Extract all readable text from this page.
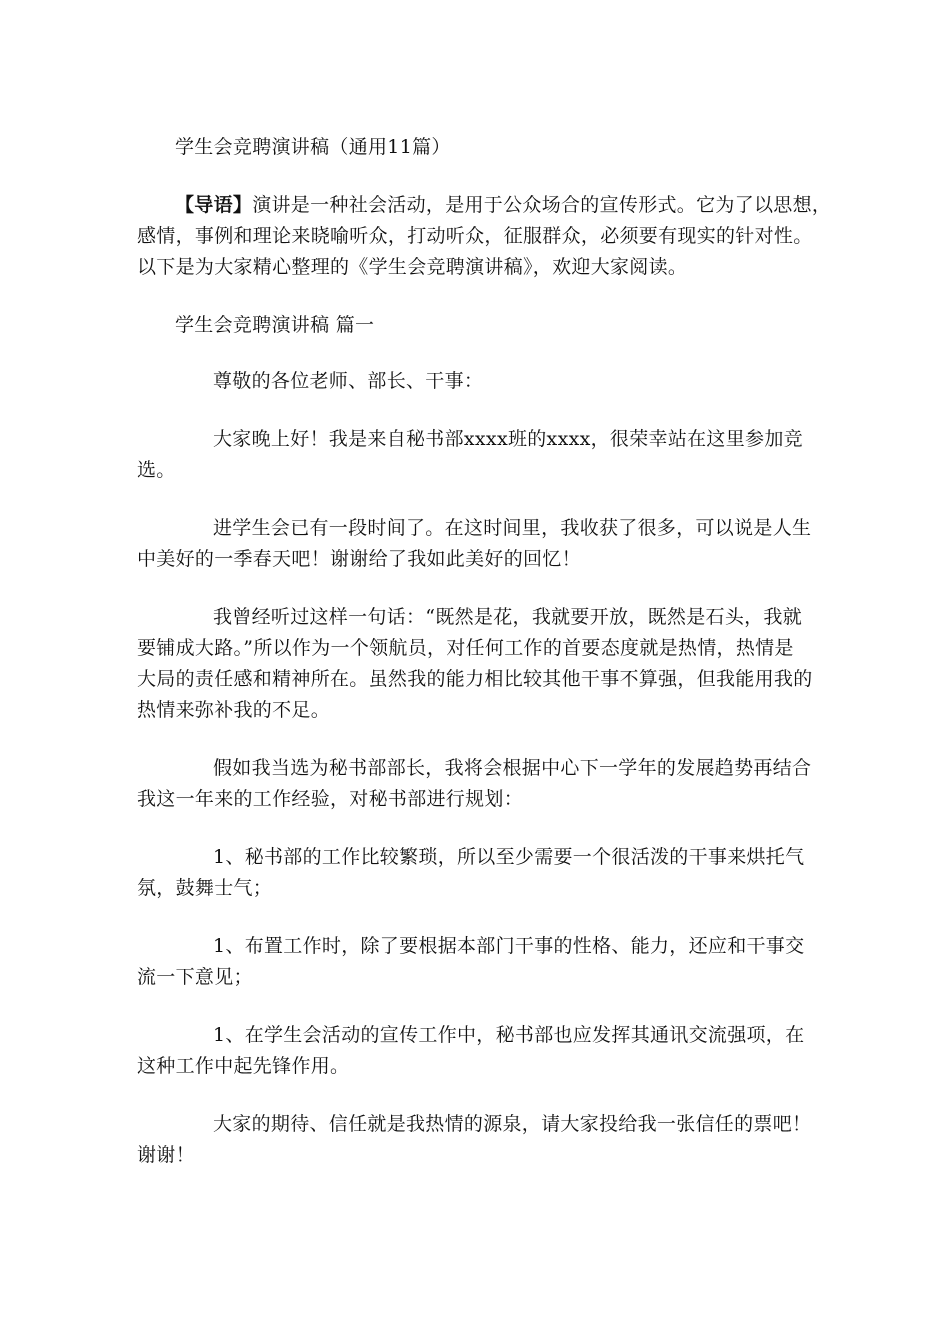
学生会竞聘演讲稿（通用11篇）
【导语】演讲是一种社会活动，是用于公众场合的宣传形式。它为了以思想，
感情，事例和理论来晓喻听众，打动听众，征服群众，必须要有现实的针对性。
以下是为大家精心整理的《学生会竞聘演讲稿》，欢迎大家阅读。
学生会竞聘演讲稿 篇一
尊敬的各位老师、部长、干事：
大家晚上好！我是来自秘书部xxxx班的xxxx，很荣幸站在这里参加竞
选。
进学生会已有一段时间了。在这时间里，我收获了很多，可以说是人生
中美好的一季春天吧！谢谢给了我如此美好的回忆！
我曾经听过这样一句话：“既然是花，我就要开放，既然是石头，我就
要铺成大路。”所以作为一个领航员，对任何工作的首要态度就是热情，热情是
大局的责任感和精神所在。虽然我的能力相比较其他干事不算强，但我能用我的
热情来弥补我的不足。
假如我当选为秘书部部长，我将会根据中心下一学年的发展趋势再结合
我这一年来的工作经验，对秘书部进行规划：
1、秘书部的工作比较繁琐，所以至少需要一个很活泼的干事来烘托气
氛，鼓舞士气；
1、布置工作时，除了要根据本部门干事的性格、能力，还应和干事交
流一下意见；
1、在学生会活动的宣传工作中，秘书部也应发挥其通讯交流强项，在
这种工作中起先锋作用。
大家的期待、信任就是我热情的源泉，请大家投给我一张信任的票吧！
谢谢！
